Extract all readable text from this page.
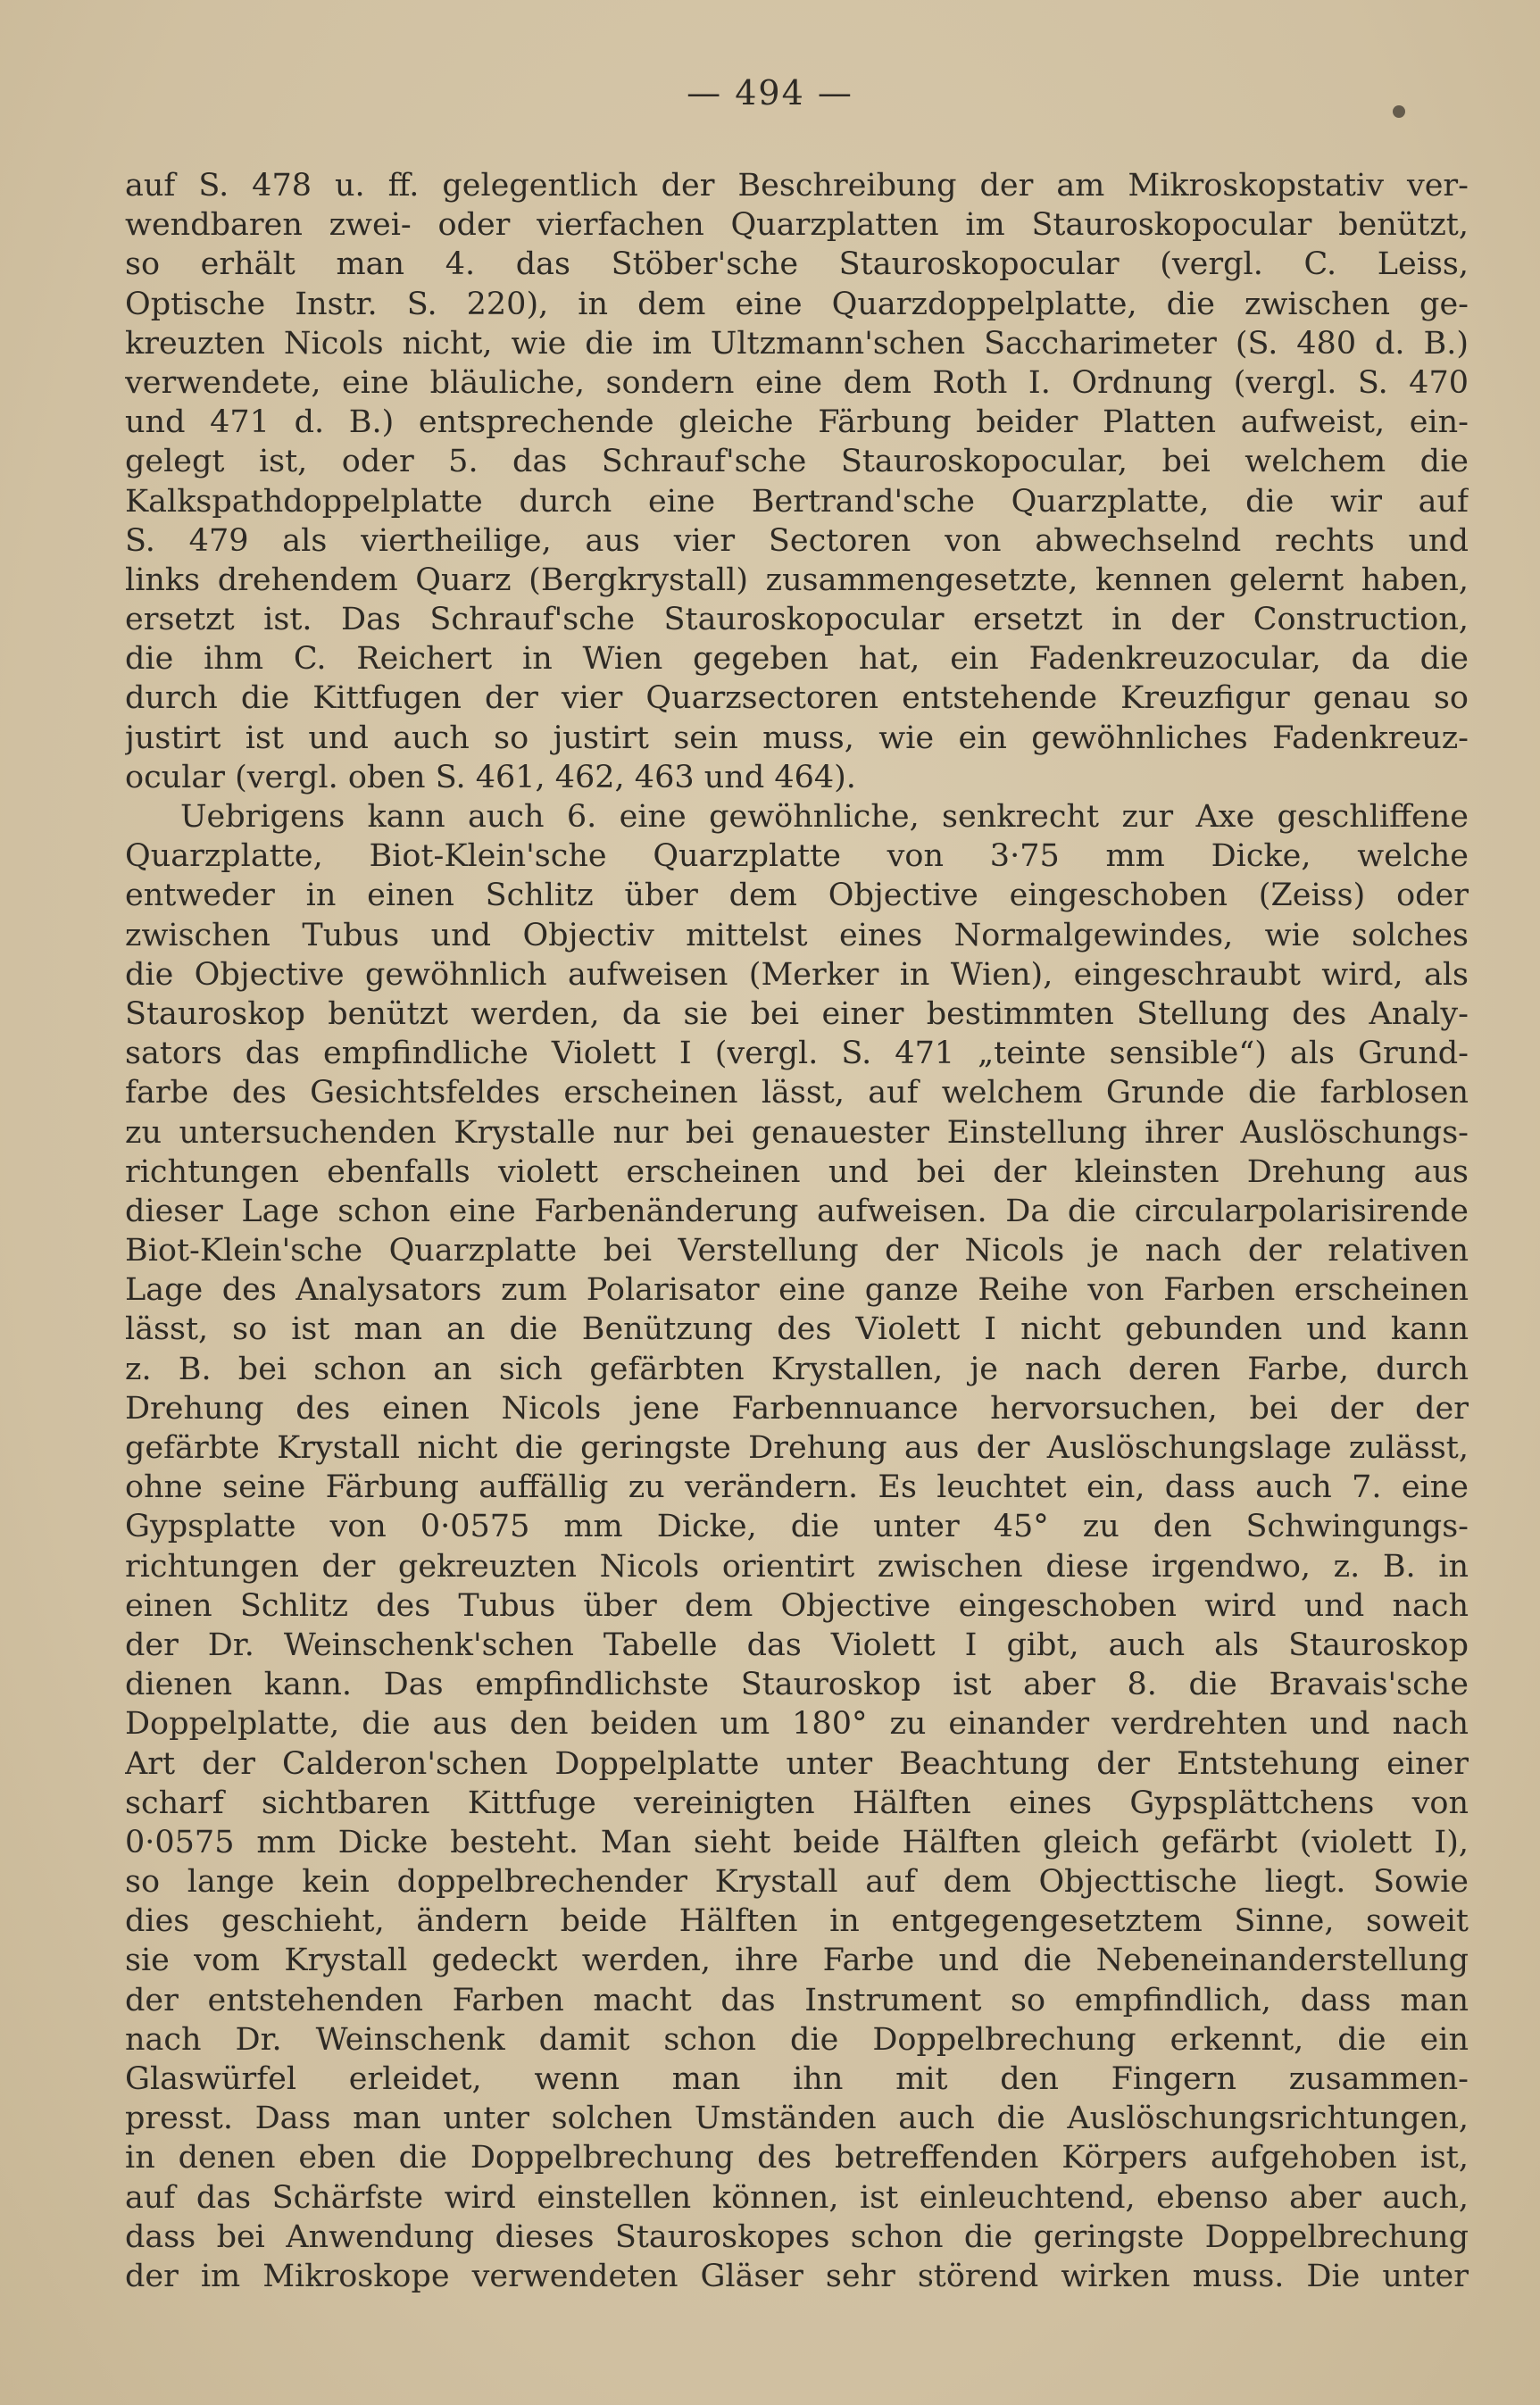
— 494 —
auf S. 478 u. ff. gelegentlich der Beschreibung der am Mikroskopstativ ver-
wendbaren zwei- oder vierfachen Quarzplatten im Stauroskopocular benützt,
so erhält man 4. das Stöber'sche Stauroskopocular (vergl. C. Leiss,
Optische Instr. S. 220), in dem eine Quarzdoppelplatte, die zwischen ge-
kreuzten Nicols nicht, wie die im Ultzmann'schen Saccharimeter (S. 480 d. B.)
verwendete, eine bläuliche, sondern eine dem Roth I. Ordnung (vergl. S. 470
und 471 d. B.) entsprechende gleiche Färbung beider Platten aufweist, ein-
gelegt ist, oder 5. das Schrauf'sche Stauroskopocular, bei welchem die
Kalkspathdoppelplatte durch eine Bertrand'sche Quarzplatte, die wir auf
S. 479 als viertheilige, aus vier Sectoren von abwechselnd rechts und
links drehendem Quarz (Bergkrystall) zusammengesetzte, kennen gelernt haben,
ersetzt ist. Das Schrauf'sche Stauroskopocular ersetzt in der Construction,
die ihm C. Reichert in Wien gegeben hat, ein Fadenkreuzocular, da die
durch die Kittfugen der vier Quarzsectoren entstehende Kreuzfigur genau so
justirt ist und auch so justirt sein muss, wie ein gewöhnliches Fadenkreuz-
ocular (vergl. oben S. 461, 462, 463 und 464).
Uebrigens kann auch 6. eine gewöhnliche, senkrecht zur Axe geschliffene
Quarzplatte, Biot-Klein'sche Quarzplatte von 3·75 mm Dicke, welche
entweder in einen Schlitz über dem Objective eingeschoben (Zeiss) oder
zwischen Tubus und Objectiv mittelst eines Normalgewindes, wie solches
die Objective gewöhnlich aufweisen (Merker in Wien), eingeschraubt wird, als
Stauroskop benützt werden, da sie bei einer bestimmten Stellung des Analy-
sators das empfindliche Violett I (vergl. S. 471 „teinte sensible“) als Grund-
farbe des Gesichtsfeldes erscheinen lässt, auf welchem Grunde die farblosen
zu untersuchenden Krystalle nur bei genauester Einstellung ihrer Auslöschungs-
richtungen ebenfalls violett erscheinen und bei der kleinsten Drehung aus
dieser Lage schon eine Farbenänderung aufweisen. Da die circularpolarisirende
Biot-Klein'sche Quarzplatte bei Verstellung der Nicols je nach der relativen
Lage des Analysators zum Polarisator eine ganze Reihe von Farben erscheinen
lässt, so ist man an die Benützung des Violett I nicht gebunden und kann
z. B. bei schon an sich gefärbten Krystallen, je nach deren Farbe, durch
Drehung des einen Nicols jene Farbennuance hervorsuchen, bei der der
gefärbte Krystall nicht die geringste Drehung aus der Auslöschungslage zulässt,
ohne seine Färbung auffällig zu verändern. Es leuchtet ein, dass auch 7. eine
Gypsplatte von 0·0575 mm Dicke, die unter 45° zu den Schwingungs-
richtungen der gekreuzten Nicols orientirt zwischen diese irgendwo, z. B. in
einen Schlitz des Tubus über dem Objective eingeschoben wird und nach
der Dr. Weinschenk'schen Tabelle das Violett I gibt, auch als Stauroskop
dienen kann. Das empfindlichste Stauroskop ist aber 8. die Bravais'sche
Doppelplatte, die aus den beiden um 180° zu einander verdrehten und nach
Art der Calderon'schen Doppelplatte unter Beachtung der Entstehung einer
scharf sichtbaren Kittfuge vereinigten Hälften eines Gypsplättchens von
0·0575 mm Dicke besteht. Man sieht beide Hälften gleich gefärbt (violett I),
so lange kein doppelbrechender Krystall auf dem Objecttische liegt. Sowie
dies geschieht, ändern beide Hälften in entgegengesetztem Sinne, soweit
sie vom Krystall gedeckt werden, ihre Farbe und die Nebeneinanderstellung
der entstehenden Farben macht das Instrument so empfindlich, dass man
nach Dr. Weinschenk damit schon die Doppelbrechung erkennt, die ein
Glaswürfel erleidet, wenn man ihn mit den Fingern zusammen-
presst. Dass man unter solchen Umständen auch die Auslöschungsrichtungen,
in denen eben die Doppelbrechung des betreffenden Körpers aufgehoben ist,
auf das Schärfste wird einstellen können, ist einleuchtend, ebenso aber auch,
dass bei Anwendung dieses Stauroskopes schon die geringste Doppelbrechung
der im Mikroskope verwendeten Gläser sehr störend wirken muss. Die unter
